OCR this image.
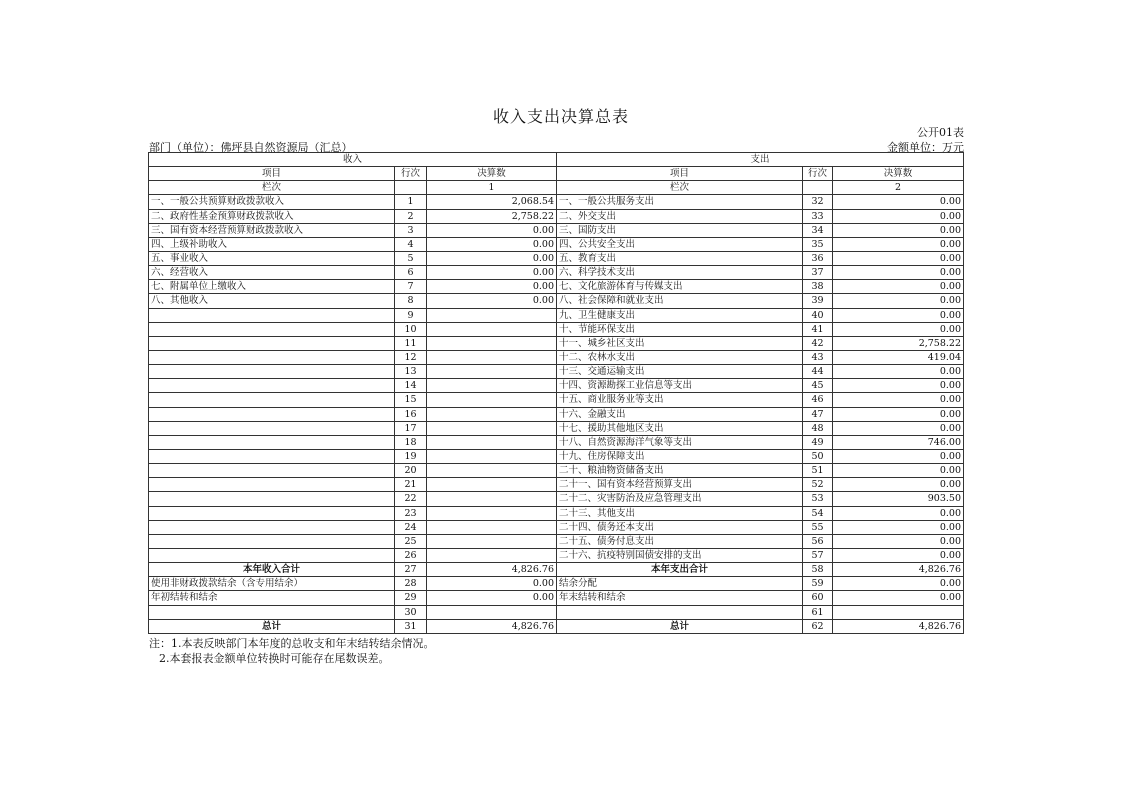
收入支出决算总表
公开01表
部门（单位）：佛坪县自然资源局（汇总）	金额单位：万元
收入			支出		
项目	行次	决算数	项目	行次	决算数
栏次		1	栏次		2
一、一般公共预算财政拨款收入	1	2,068.54	一、一般公共服务支出	32	0.00
二、政府性基金预算财政拨款收入	2	2,758.22	二、外交支出	33	0.00
三、国有资本经营预算财政拨款收入	3	0.00	三、国防支出	34	0.00
四、上级补助收入	4	0.00	四、公共安全支出	35	0.00
五、事业收入	5	0.00	五、教育支出	36	0.00
六、经营收入	6	0.00	六、科学技术支出	37	0.00
七、附属单位上缴收入	7	0.00	七、文化旅游体育与传媒支出	38	0.00
八、其他收入	8	0.00	八、社会保障和就业支出	39	0.00
	9		九、卫生健康支出	40	0.00
	10		十、节能环保支出	41	0.00
	11		十一、城乡社区支出	42	2,758.22
	12		十二、农林水支出	43	419.04
	13		十三、交通运输支出	44	0.00
	14		十四、资源勘探工业信息等支出	45	0.00
	15		十五、商业服务业等支出	46	0.00
	16		十六、金融支出	47	0.00
	17		十七、援助其他地区支出	48	0.00
	18		十八、自然资源海洋气象等支出	49	746.00
	19		十九、住房保障支出	50	0.00
	20		二十、粮油物资储备支出	51	0.00
	21		二十一、国有资本经营预算支出	52	0.00
	22		二十二、灾害防治及应急管理支出	53	903.50
	23		二十三、其他支出	54	0.00
	24		二十四、债务还本支出	55	0.00
	25		二十五、债务付息支出	56	0.00
	26		二十六、抗疫特别国债安排的支出	57	0.00
本年收入合计	27	4,826.76	本年支出合计	58	4,826.76
使用非财政拨款结余（含专用结余）	28	0.00	结余分配	59	0.00
年初结转和结余	29	0.00	年末结转和结余	60	0.00
	30			61	
总计	31	4,826.76	总计	62	4,826.76
注：1.本表反映部门本年度的总收支和年末结转结余情况。
2.本套报表金额单位转换时可能存在尾数误差。
